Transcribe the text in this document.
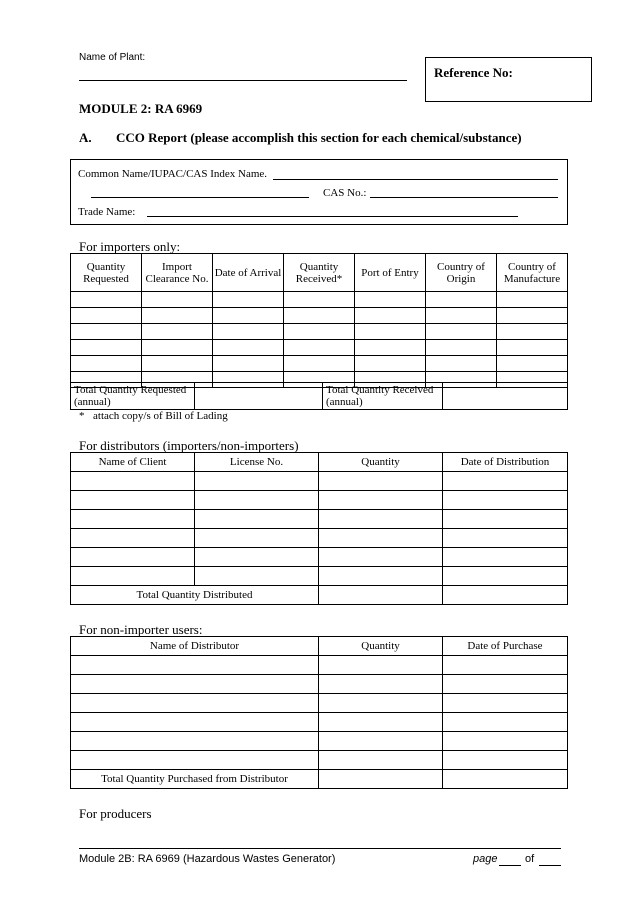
Name of Plant:
Reference No:
MODULE 2: RA 6969
A. CCO Report (please accomplish this section for each chemical/substance)
Common Name/IUPAC/CAS Index Name.
CAS No.:
Trade Name:
For importers only:
Quantity Requested	Import Clearance No.	Date of Arrival	Quantity Received*	Port of Entry	Country of Origin	Country of Manufacture

Total Quantity Requested (annual)		Total Quantity Received (annual)	
* attach copy/s of Bill of Lading
For distributors (importers/non-importers)
Name of Client	License No.	Quantity	Date of Distribution

Total Quantity Distributed			
For non-importer users:
Name of Distributor	Quantity	Date of Purchase

Total Quantity Purchased from Distributor		
For producers
Module 2B: RA 6969 (Hazardous Wastes Generator)	page	of
